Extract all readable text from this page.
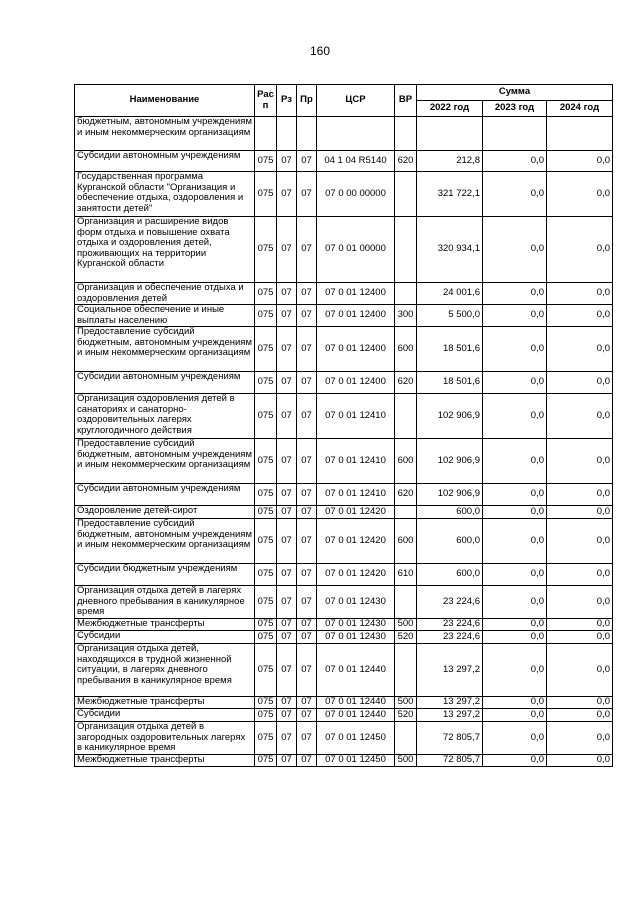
160
Наименование	Рас п	Рз	Пр	ЦСР	ВР	Сумма		
						2022 год	2023 год	2024 год
бюджетным, автономным учреждениям и иным некоммерческим организациям								
Субсидии автономным учреждениям	075	07	07	04 1 04 R5140	620	212,8	0,0	0,0
Государственная программа Курганской области "Организация и обеспечение отдыха, оздоровления и занятости детей"	075	07	07	07 0 00 00000		321 722,1	0,0	0,0
Организация и расширение видов форм отдыха и повышение охвата отдыха и оздоровления детей, проживающих на территории Курганской области	075	07	07	07 0 01 00000		320 934,1	0,0	0,0
Организация и обеспечение отдыха и оздоровления детей	075	07	07	07 0 01 12400		24 001,6	0,0	0,0
Социальное обеспечение и иные выплаты населению	075	07	07	07 0 01 12400	300	5 500,0	0,0	0,0
Предоставление субсидий бюджетным, автономным учреждениям и иным некоммерческим организациям	075	07	07	07 0 01 12400	600	18 501,6	0,0	0,0
Субсидии автономным учреждениям	075	07	07	07 0 01 12400	620	18 501,6	0,0	0,0
Организация оздоровления детей в санаториях и санаторно-оздоровительных лагерях круглогодичного действия	075	07	07	07 0 01 12410		102 906,9	0,0	0,0
Предоставление субсидий бюджетным, автономным учреждениям и иным некоммерческим организациям	075	07	07	07 0 01 12410	600	102 906,9	0,0	0,0
Субсидии автономным учреждениям	075	07	07	07 0 01 12410	620	102 906,9	0,0	0,0
Оздоровление детей-сирот	075	07	07	07 0 01 12420		600,0	0,0	0,0
Предоставление субсидий бюджетным, автономным учреждениям и иным некоммерческим организациям	075	07	07	07 0 01 12420	600	600,0	0,0	0,0
Субсидии бюджетным учреждениям	075	07	07	07 0 01 12420	610	600,0	0,0	0,0
Организация отдыха детей в лагерях дневного пребывания в каникулярное время	075	07	07	07 0 01 12430		23 224,6	0,0	0,0
Межбюджетные трансферты	075	07	07	07 0 01 12430	500	23 224,6	0,0	0,0
Субсидии	075	07	07	07 0 01 12430	520	23 224,6	0,0	0,0
Организация отдыха детей, находящихся в трудной жизненной ситуации, в лагерях дневного пребывания в каникулярное время	075	07	07	07 0 01 12440		13 297,2	0,0	0,0
Межбюджетные трансферты	075	07	07	07 0 01 12440	500	13 297,2	0,0	0,0
Субсидии	075	07	07	07 0 01 12440	520	13 297,2	0,0	0,0
Организация отдыха детей в загородных оздоровительных лагерях в каникулярное время	075	07	07	07 0 01 12450		72 805,7	0,0	0,0
Межбюджетные трансферты	075	07	07	07 0 01 12450	500	72 805,7	0,0	0,0
